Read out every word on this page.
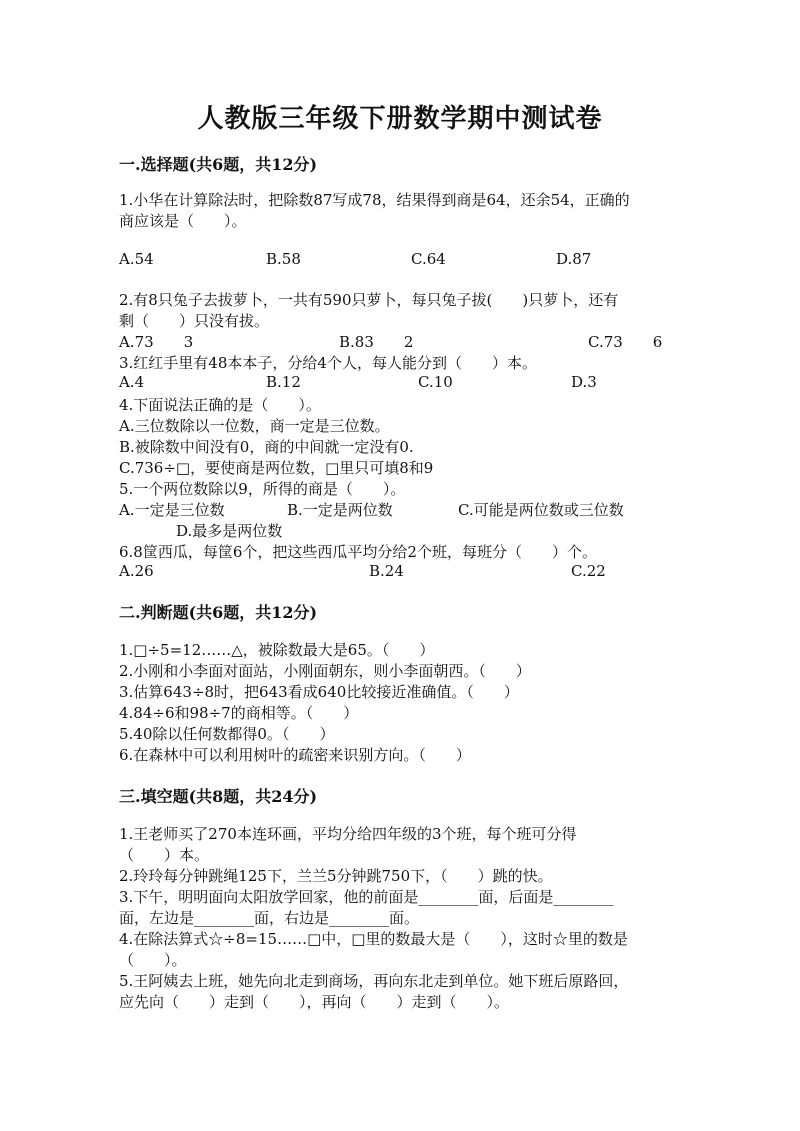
人教版三年级下册数学期中测试卷
一.选择题(共6题，共12分)
1.小华在计算除法时，把除数87写成78，结果得到商是64，还余54，正确的
商应该是（　　）。
A.54	B.58	C.64	D.87
2.有8只兔子去拔萝卜，一共有590只萝卜，每只兔子拔(　　)只萝卜，还有
剩（　　）只没有拔。
A.73　　3	B.83　　2	C.73　　6
3.红红手里有48本本子，分给4个人，每人能分到（　　）本。
A.4	B.12	C.10	D.3
4.下面说法正确的是（　　）。
A.三位数除以一位数，商一定是三位数。
B.被除数中间没有0，商的中间就一定没有0.
C.736÷□，要使商是两位数，□里只可填8和9
5.一个两位数除以9，所得的商是（　　）。
A.一定是三位数	B.一定是两位数	C.可能是两位数或三位数
D.最多是两位数
6.8筐西瓜，每筐6个，把这些西瓜平均分给2个班，每班分（　　）个。
A.26	B.24	C.22
二.判断题(共6题，共12分)
1.□÷5=12……△，被除数最大是65。（　　）
2.小刚和小李面对面站，小刚面朝东，则小李面朝西。（　　）
3.估算643÷8时，把643看成640比较接近准确值。（　　）
4.84÷6和98÷7的商相等。（　　）
5.40除以任何数都得0。（　　）
6.在森林中可以利用树叶的疏密来识别方向。（　　）
三.填空题(共8题，共24分)
1.王老师买了270本连环画，平均分给四年级的3个班，每个班可分得
（　　）本。
2.玲玲每分钟跳绳125下，兰兰5分钟跳750下，（　　）跳的快。
3.下午，明明面向太阳放学回家，他的前面是________面，后面是________
面，左边是________面，右边是________面。
4.在除法算式☆÷8=15……□中，□里的数最大是（　　），这时☆里的数是
（　　）。
5.王阿姨去上班，她先向北走到商场，再向东北走到单位。她下班后原路回，
应先向（　　）走到（　　），再向（　　）走到（　　）。
